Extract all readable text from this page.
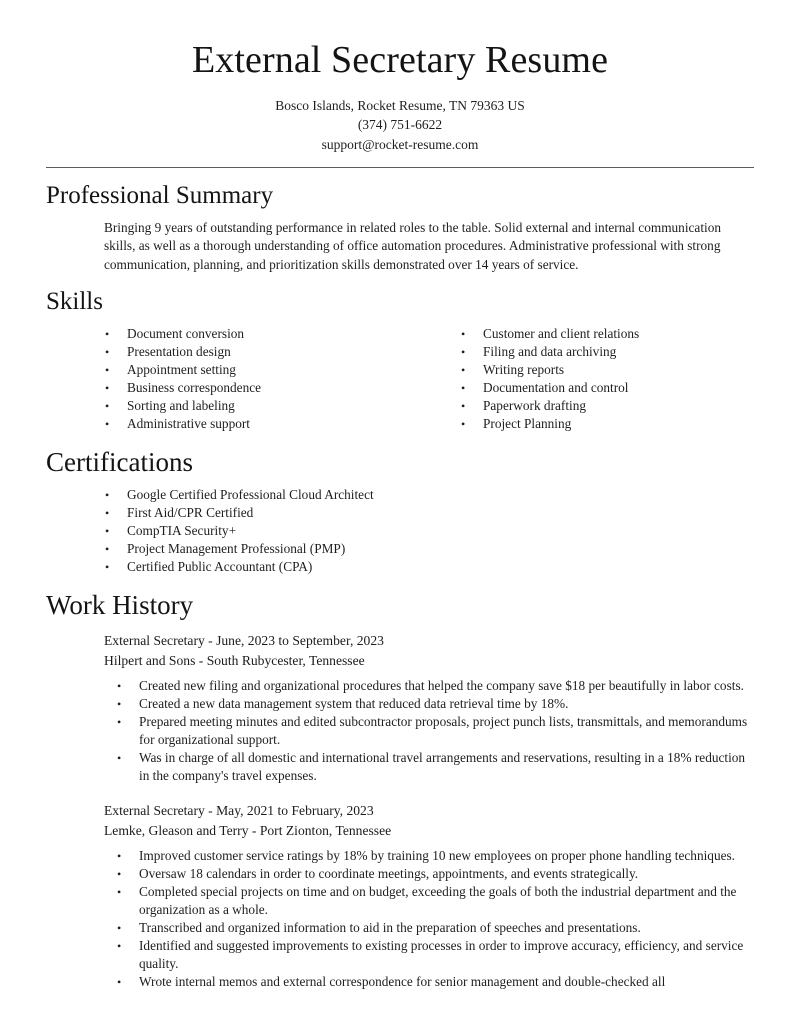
External Secretary Resume
Bosco Islands, Rocket Resume, TN 79363 US
(374) 751-6622
support@rocket-resume.com
Professional Summary

Bringing 9 years of outstanding performance in related roles to the table. Solid external and internal communication skills, as well as a thorough understanding of office automation procedures. Administrative professional with strong communication, planning, and prioritization skills demonstrated over 14 years of service.

Skills
• Document conversion
• Presentation design
• Appointment setting
• Business correspondence
• Sorting and labeling
• Administrative support
• Customer and client relations
• Filing and data archiving
• Writing reports
• Documentation and control
• Paperwork drafting
• Project Planning
Certifications
• Google Certified Professional Cloud Architect
• First Aid/CPR Certified
• CompTIA Security+
• Project Management Professional (PMP)
• Certified Public Accountant (CPA)
Work History
External Secretary - June, 2023 to September, 2023
Hilpert and Sons - South Rubycester, Tennessee
• Created new filing and organizational procedures that helped the company save $18 per beautifully in labor costs.
• Created a new data management system that reduced data retrieval time by 18%.
• Prepared meeting minutes and edited subcontractor proposals, project punch lists, transmittals, and memorandums for organizational support.
• Was in charge of all domestic and international travel arrangements and reservations, resulting in a 18% reduction in the company's travel expenses.
External Secretary - May, 2021 to February, 2023
Lemke, Gleason and Terry - Port Zionton, Tennessee
• Improved customer service ratings by 18% by training 10 new employees on proper phone handling techniques.
• Oversaw 18 calendars in order to coordinate meetings, appointments, and events strategically.
• Completed special projects on time and on budget, exceeding the goals of both the industrial department and the organization as a whole.
• Transcribed and organized information to aid in the preparation of speeches and presentations.
• Identified and suggested improvements to existing processes in order to improve accuracy, efficiency, and service quality.
• Wrote internal memos and external correspondence for senior management and double-checked all
